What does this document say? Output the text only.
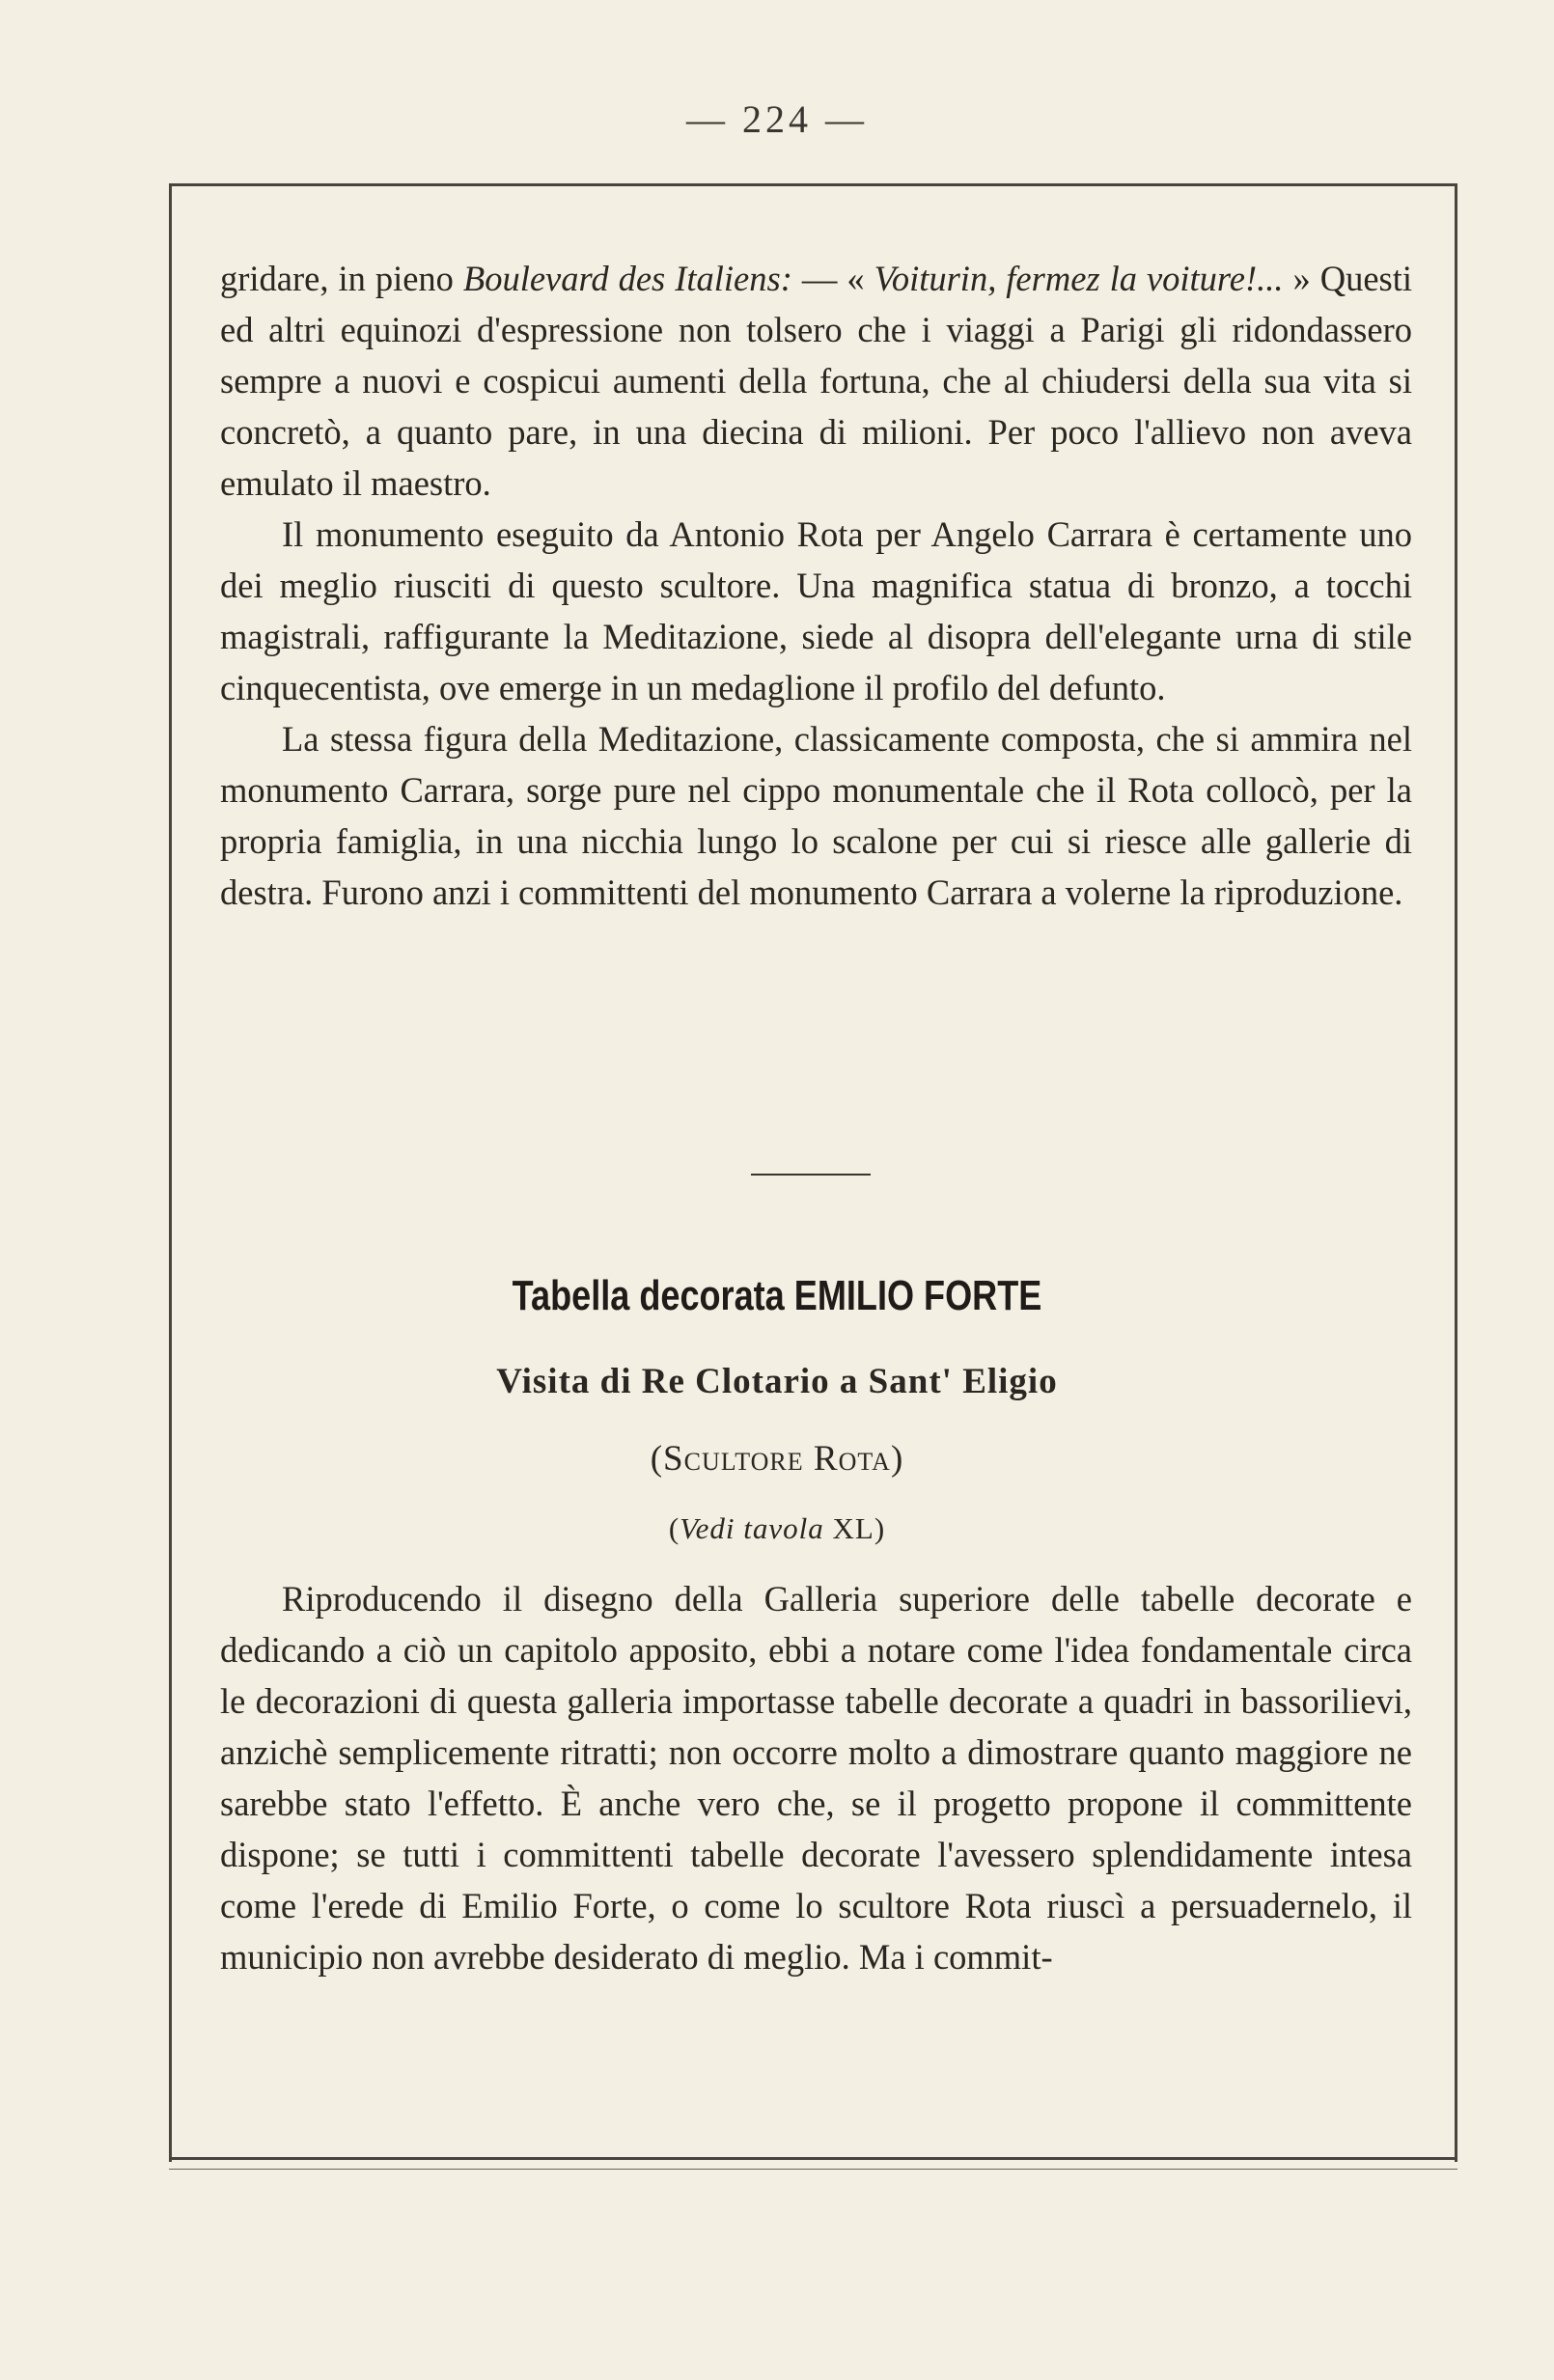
— 224 —

gridare, in pieno Boulevard des Italiens: — « Voiturin, fermez la voiture!... » Questi ed altri equinozi d'espressione non tolsero che i viaggi a Parigi gli ridondassero sempre a nuovi e cospicui aumenti della fortuna, che al chiudersi della sua vita si concretò, a quanto pare, in una diecina di milioni. Per poco l'allievo non aveva emulato il maestro.

Il monumento eseguito da Antonio Rota per Angelo Carrara è certamente uno dei meglio riusciti di questo scultore. Una magnifica statua di bronzo, a tocchi magistrali, raffigurante la Meditazione, siede al disopra dell'elegante urna di stile cinquecentista, ove emerge in un medaglione il profilo del defunto.

La stessa figura della Meditazione, classicamente composta, che si ammira nel monumento Carrara, sorge pure nel cippo monumentale che il Rota collocò, per la propria famiglia, in una nicchia lungo lo scalone per cui si riesce alle gallerie di destra. Furono anzi i committenti del monumento Carrara a volerne la riproduzione.

Tabella decorata EMILIO FORTE
Visita di Re Clotario a Sant' Eligio
(Scultore Rota)
(Vedi tavola XL)

Riproducendo il disegno della Galleria superiore delle tabelle decorate e dedicando a ciò un capitolo apposito, ebbi a notare come l'idea fondamentale circa le decorazioni di questa galleria importasse tabelle decorate a quadri in bassorilievi, anzichè semplicemente ritratti; non occorre molto a dimostrare quanto maggiore ne sarebbe stato l'effetto. È anche vero che, se il progetto propone il committente dispone; se tutti i committenti tabelle decorate l'avessero splendidamente intesa come l'erede di Emilio Forte, o come lo scultore Rota riuscì a persuadernelo, il municipio non avrebbe desiderato di meglio. Ma i commit-
